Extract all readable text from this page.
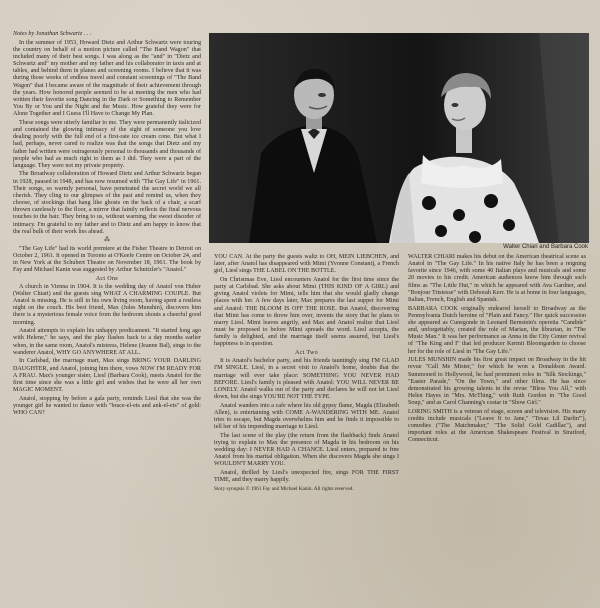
Notes by Jonathan Schwartz . . .

In the summer of 1953, Howard Dietz and Arthur Schwartz were touring the country on behalf of a motion picture called "The Band Wagon" that included many of their best songs. I was along as the "and" in "Dietz and Schwartz and" my mother and my father and his collaborator in taxis and at tables, and behind them in planes and screening rooms. I believe that it was during those weeks of endless travel and constant screenings of "The Band Wagon" that I became aware of the magnitude of their achievement through the years. How honored people seemed to be at meeting the men who had written their favorite song Dancing in the Dark or Something to Remember You By or You and the Night and the Music. How grateful they were for Alone Together and I Guess I'll Have to Change My Plan.

These songs were utterly familiar to me. They were permanently italicized and contained the glowing intimacy of the sight of someone you love dealing poorly with the full end of a first-rate ice cream cone. But what I had, perhaps, never cared to realize was that the songs that Dietz and my father had written were outrageously personal to thousands and thousands of people who had as much right to them as I did. They were a part of the language. They were not my private property.

The Broadway collaboration of Howard Dietz and Arthur Schwartz began in 1928, paused in 1948, and has now resumed with "The Gay Life" in 1961. Their songs, so warmly personal, have penetrated the secret world we all cherish. They cling to our glimpses of the past and remind us, when they choose, of stockings that hang like ghosts on the back of a chair, a scarf thrown carelessly to the floor, a mirror that faintly reflects the final nervous touches to the hair. They bring to us, without warning, the sweet disorder of intimacy. I'm grateful to my father and to Dietz and am happy to know that the real bulk of their work lies ahead.

⁂

"The Gay Life" had its world premiere at the Fisher Theatre in Detroit on October 2, 1961. It opened in Toronto at O'Keefe Centre on October 24, and in New York at the Schubert Theatre on November 18, 1961. The book by Fay and Michael Kanin was suggested by Arthur Schnitzler's "Anatol."

Act One

A church in Vienna in 1904. It is the wedding day of Anatol von Huber (Walter Chiari) and the guests sing WHAT A CHARMING COUPLE. But Anatol is missing. He is still in his own living room, having spent a restless night on the couch. His best friend, Max (Jules Munshin), discovers him there is a mysterious female voice from the bedroom shouts a cheerful good morning.

Anatol attempts to explain his unhappy predicament. "It started long ago with Helene," he says, and the play flashes back to a day months earlier when, in the same room, Anatol's mistress, Helene (Jeanne Bal), sings to the wanderer Anatol, WHY GO ANYWHERE AT ALL.

In Carlsbad, the marriage mart, Max sings BRING YOUR DARLING DAUGHTER, and Anatol, joining him there, vows NOW I'M READY FOR A FRAU. Max's younger sister, Liesl (Barbara Cook), meets Anatol for the first time since she was a little girl and wishes that he were all her own MAGIC MOMENT.

Anatol, stopping by before a gala party, reminds Liesl that she was the younger girl he wanted to dance with "brace-el-ets and ank-el-ets" of gold: WHO CAN?

Walter Chiari and Barbara Cook

YOU CAN. At the party the guests waltz to OH, MEIN LIEBCHEN, and later, after Anatol has disappeared with Mimi (Yvonne Constant), a French girl, Liesl sings THE LABEL ON THE BOTTLE.

On Christmas Eve, Liesl encounters Anatol for the first time since the party at Carlsbad. She asks about Mimi (THIS KIND OF A GIRL) and giving Anatol violets for Mimi, tells him that she would gladly change places with her. A few days later, Max prepares the last supper for Mimi and Anatol: THE BLOOM IS OFF THE ROSE. But Anatol, discovering that Mimi has come to throw him over, invents the story that he plans to marry Liesl. Mimi leaves angrily, and Max and Anatol realize that Liesl must be proposed to before Mimi spreads the word. Liesl accepts, the family is delighted, and the marriage itself seems assured, but Liesl's happiness is in question.

Act Two

It is Anatol's bachelor party, and his friends tauntingly sing I'M GLAD I'M SINGLE. Liesl, in a secret visit to Anatol's home, doubts that the marriage will ever take place: SOMETHING YOU NEVER HAD BEFORE. Liesl's family is pleased with Anatol: YOU WILL NEVER BE LONELY. Anatol walks out of the party and declares he will not let Liesl down, but she sings YOU'RE NOT THE TYPE.

Anatol wanders into a cafe where his old gypsy flame, Magda (Elizabeth Allen), is entertaining with COME A-WANDERING WITH ME. Anatol tries to escape, but Magda overwhelms him and he finds it impossible to tell her of his impending marriage to Liesl.

The last scene of the play (the return from the flashback) finds Anatol trying to explain to Max the presence of Magda in his bedroom on his wedding day: I NEVER HAD A CHANCE. Liesl enters, prepared to free Anatol from his marital obligation. When she discovers Magda she sings I WOULDN'T MARRY YOU.

Anatol, thrilled by Liesl's unexpected fire, sings FOR THE FIRST TIME, and they marry happily.

Story synopsis © 1961 Fay and Michael Kanin. All rights reserved.

WALTER CHIARI makes his debut on the American theatrical scene as Anatol in "The Gay Life." In his native Italy he has been a reigning favorite since 1946, with some 40 Italian plays and musicals and some 20 movies to his credit. American audiences know him through such films as "The Little Hut," in which he appeared with Ava Gardner, and "Bonjour Tristesse" with Deborah Kerr. He is at home in four languages, Italian, French, English and Spanish.

BARBARA COOK originally endeared herself to Broadway as the Pennsylvania Dutch heroine of "Plain and Fancy." Her quick succession she appeared as Cunegonde in Leonard Bernstein's operetta "Candide" and, unforgettably, created the role of Marian, the librarian, in "The Music Man." It was her performance as Anna in the City Center revival of "The King and I" that led producer Kermit Bloomgarden to choose her for the role of Liesl in "The Gay Life."

JULES MUNSHIN made his first great impact on Broadway in the hit revue "Call Me Mister," for which he won a Donaldson Award. Summoned to Hollywood, he had prominent roles in "Silk Stockings," "Easter Parade," "On the Town," and other films. He has since demonstrated his growing talents in the revue "Bless You All," with Helen Hayes in "Mrs. McThing," with Ruth Gordon in "The Good Soup," and as Carol Channing's costar in "Show Girl."

LORING SMITH is a veteran of stage, screen and television. His many credits include musicals ("Leave It to Jane," "Texas Lil Darlin'"), comedies ("The Matchmaker," "The Solid Gold Cadillac"), and important roles at the American Shakespeare Festival in Stratford, Connecticut.
